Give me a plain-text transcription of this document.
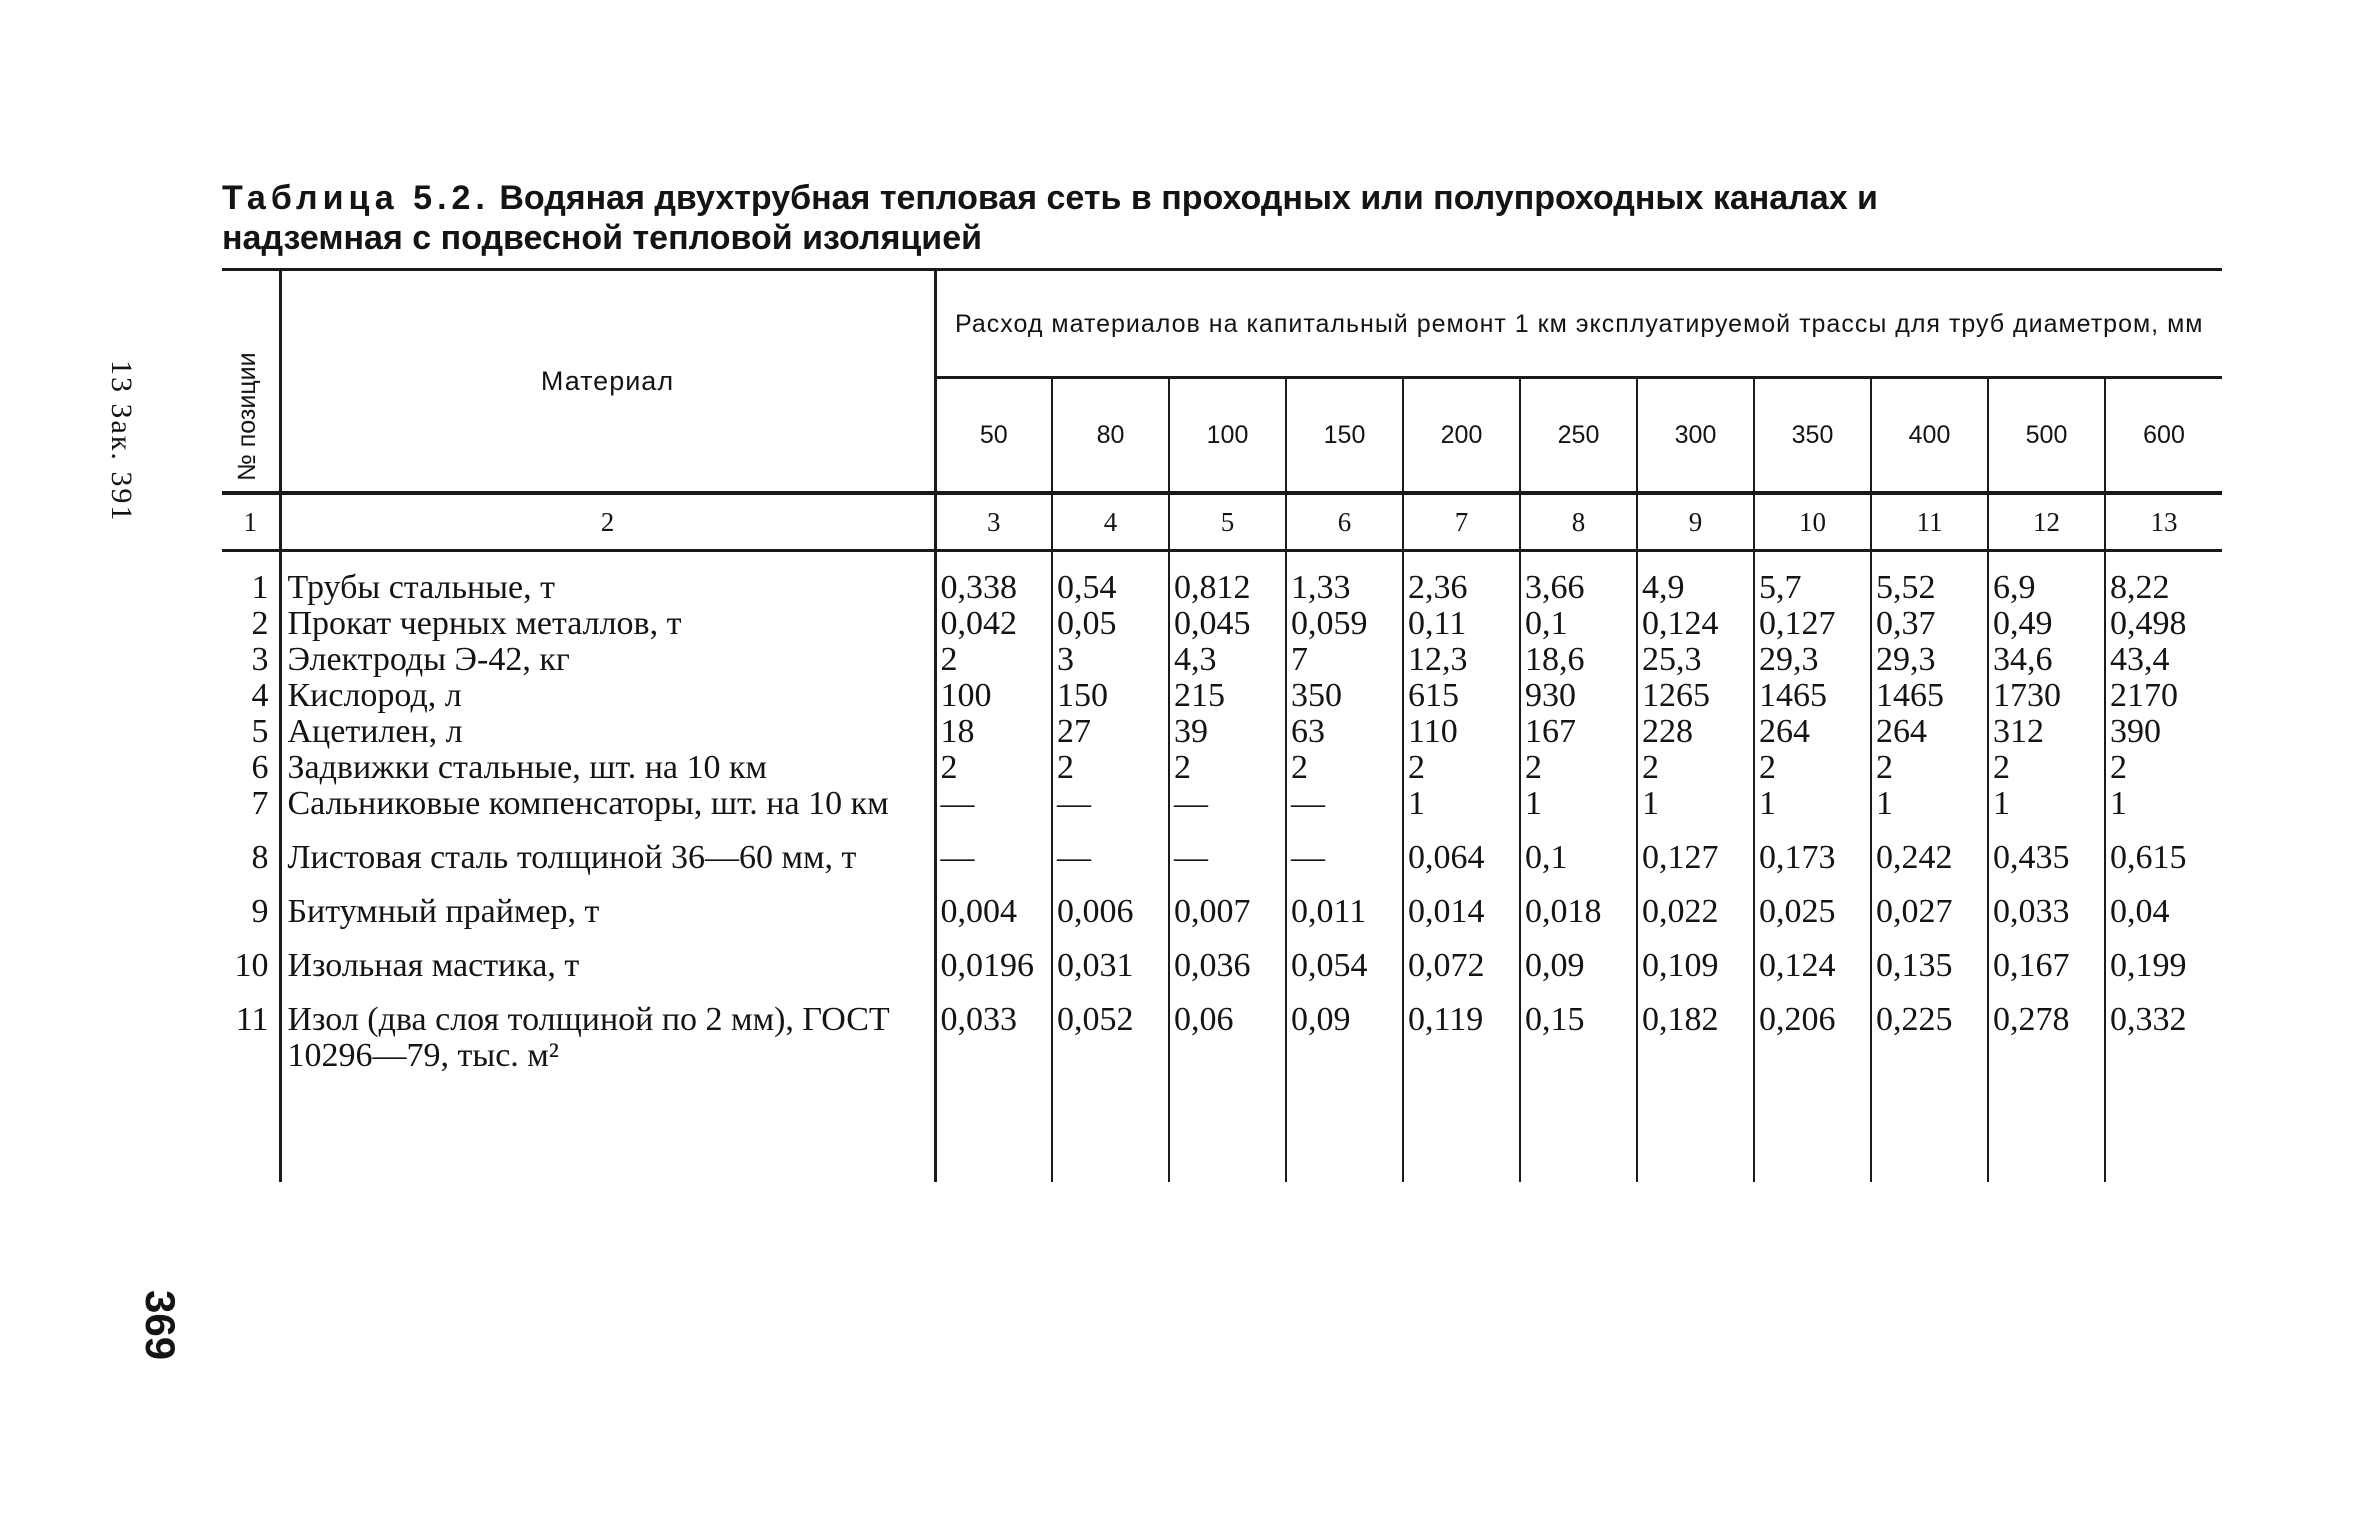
13 Зак. 391
369
Таблица 5.2. Водяная двухтрубная тепловая сеть в проходных или полупроходных каналах и надземная с подвесной тепловой изоляцией
№ позиции	Материал	Расход материалов на капитальный ремонт 1 км эксплуатируемой трассы для труб диаметром, мм										
		50	80	100	150	200	250	300	350	400	500	600
1	2	3	4	5	6	7	8	9	10	11	12	13
1	Трубы стальные, т	0,338	0,54	0,812	1,33	2,36	3,66	4,9	5,7	5,52	6,9	8,22
2	Прокат черных металлов, т	0,042	0,05	0,045	0,059	0,11	0,1	0,124	0,127	0,37	0,49	0,498
3	Электроды Э-42, кг	2	3	4,3	7	12,3	18,6	25,3	29,3	29,3	34,6	43,4
4	Кислород, л	100	150	215	350	615	930	1265	1465	1465	1730	2170
5	Ацетилен, л	18	27	39	63	110	167	228	264	264	312	390
6	Задвижки стальные, шт. на 10 км	2	2	2	2	2	2	2	2	2	2	2
7	Сальниковые компенсаторы, шт. на 10 км	—	—	—	—	1	1	1	1	1	1	1
8	Листовая сталь толщиной 36—60 мм, т	—	—	—	—	0,064	0,1	0,127	0,173	0,242	0,435	0,615
9	Битумный праймер, т	0,004	0,006	0,007	0,011	0,014	0,018	0,022	0,025	0,027	0,033	0,04
10	Изольная мастика, т	0,0196	0,031	0,036	0,054	0,072	0,09	0,109	0,124	0,135	0,167	0,199
11	Изол (два слоя толщиной по 2 мм), ГОСТ 10296—79, тыс. м²	0,033	0,052	0,06	0,09	0,119	0,15	0,182	0,206	0,225	0,278	0,332
